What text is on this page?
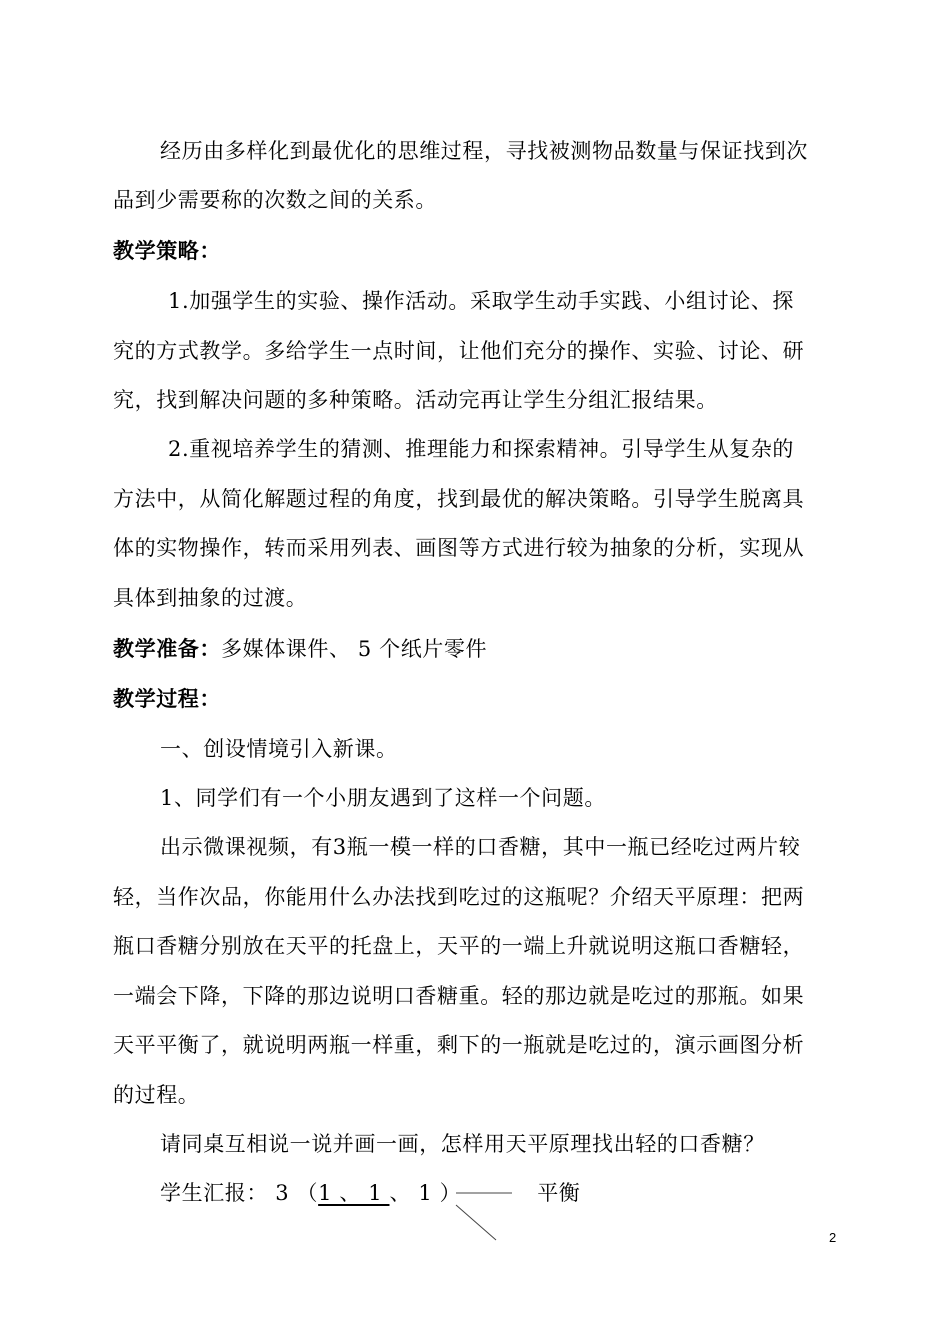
经历由多样化到最优化的思维过程，寻找被测物品数量与保证找到次
品到少需要称的次数之间的关系。
教学策略：
1.加强学生的实验、操作活动。采取学生动手实践、小组讨论、探
究的方式教学。多给学生一点时间，让他们充分的操作、实验、讨论、研
究，找到解决问题的多种策略。活动完再让学生分组汇报结果。
2.重视培养学生的猜测、推理能力和探索精神。引导学生从复杂的
方法中，从简化解题过程的角度，找到最优的解决策略。引导学生脱离具
体的实物操作，转而采用列表、画图等方式进行较为抽象的分析，实现从
具体到抽象的过渡。
教学准备：多媒体课件、 5 个纸片零件
教学过程：
一、创设情境引入新课。
1、同学们有一个小朋友遇到了这样一个问题。
出示微课视频，有3瓶一模一样的口香糖，其中一瓶已经吃过两片较
轻，当作次品，你能用什么办法找到吃过的这瓶呢？介绍天平原理：把两
瓶口香糖分别放在天平的托盘上，天平的一端上升就说明这瓶口香糖轻，
一端会下降，下降的那边说明口香糖重。轻的那边就是吃过的那瓶。如果
天平平衡了，就说明两瓶一样重，剩下的一瓶就是吃过的，演示画图分析
的过程。
请同桌互相说一说并画一画，怎样用天平原理找出轻的口香糖？
学生汇报： 3 （1 、 1 、 1 ）	平衡
2
